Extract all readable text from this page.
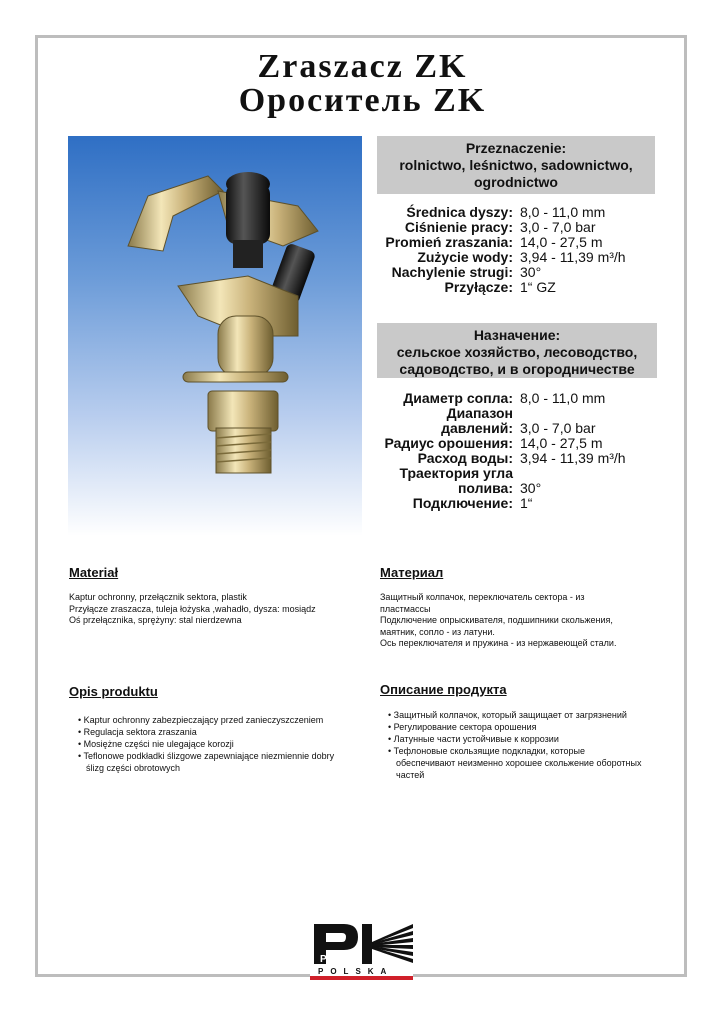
Zraszacz ZK
Ороситель ZK
Przeznaczenie:
rolnictwo, leśnictwo, sadownictwo, ogrodnictwo
Średnica dyszy: 8,0 - 11,0 mm
Ciśnienie pracy: 3,0 - 7,0 bar
Promień zraszania: 14,0 - 27,5 m
Zużycie wody: 3,94 - 11,39 m³/h
Nachylenie strugi: 30°
Przyłącze: 1“ GZ
Назначение:
сельское хозяйство, лесоводство, садоводство, и в огородничестве
Диаметр сопла: 8,0 - 11,0 mm
Диапазон давлений: 3,0 - 7,0 bar
Радиус орошения: 14,0 - 27,5 m
Расход воды: 3,94 - 11,39 m³/h
Траектория угла полива: 30°
Подключение: 1“
Materiał
Kaptur ochronny, przełącznik sektora, plastik
Przyłącze zraszacza, tuleja łożyska ,wahadło, dysza: mosiądz
Oś przełącznika, sprężyny: stal nierdzewna
Материал
Защитный колпачок, переключатель сектора - из
пластмассы
Подключение опрыскивателя, подшипники скольжения,
маятник, сопло - из латуни.
Ось переключателя и пружина - из нержавеющей стали.
Opis produktu
• Kaptur ochronny zabezpieczający przed zanieczyszczeniem
• Regulacja sektora zraszania
• Mosiężne części nie ulegające korozji
• Teflonowe podkładki ślizgowe zapewniające niezmiennie dobry ślizg części obrotowych
Описание продукта
• Защитный колпачок, который защищает от загрязнений
• Регулирование сектора орошения
• Латунные части устойчивые к коррозии
• Тефлоновые скользящие подкладки, которые обеспечивают неизменно хорошее скольжение оборотных частей
Perrot
POLSKA
